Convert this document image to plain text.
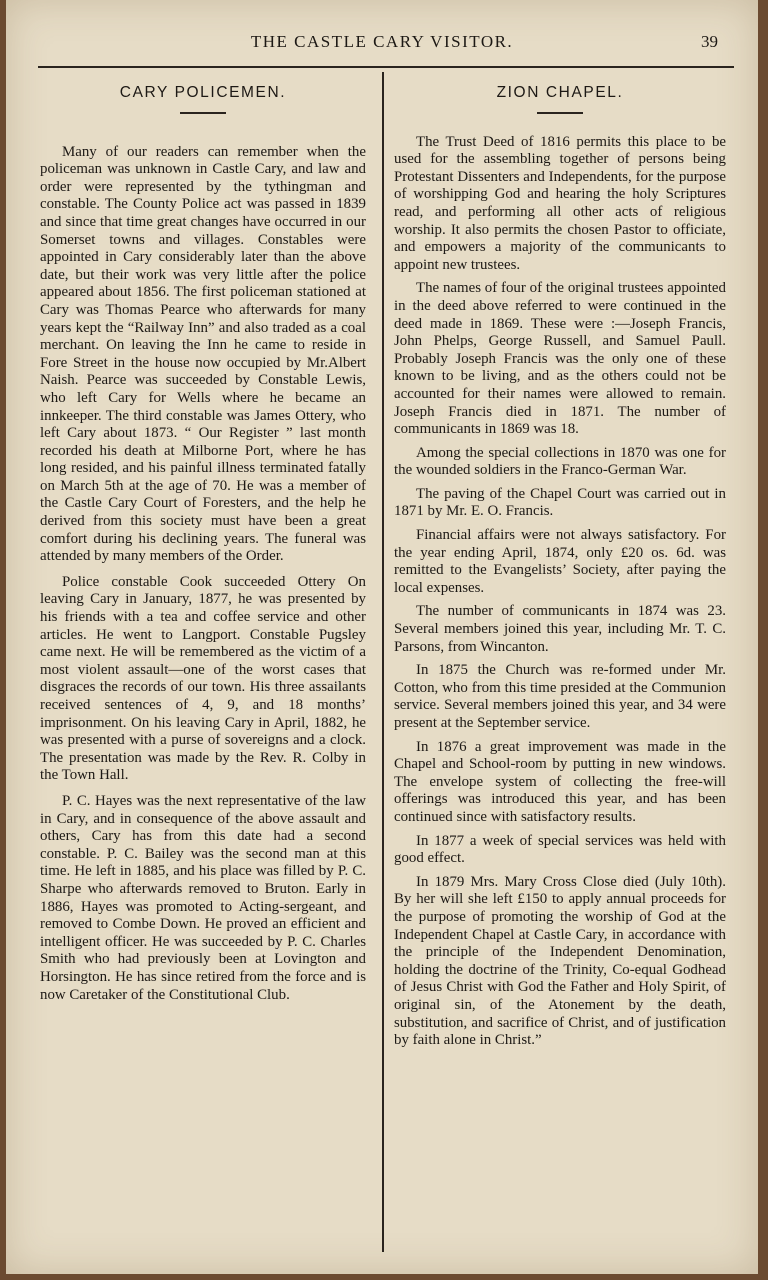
THE CASTLE CARY VISITOR.	39
CARY POLICEMEN.

Many of our readers can remember when the policeman was unknown in Castle Cary, and law and order were represented by the tythingman and constable. The County Police act was passed in 1839 and since that time great changes have occurred in our Somerset towns and villages. Constables were appointed in Cary considerably later than the above date, but their work was very little after the police appeared about 1856. The first policeman stationed at Cary was Thomas Pearce who afterwards for many years kept the “Railway Inn” and also traded as a coal merchant. On leaving the Inn he came to reside in Fore Street in the house now occupied by Mr.Albert Naish. Pearce was succeeded by Constable Lewis, who left Cary for Wells where he became an innkeeper. The third constable was James Ottery, who left Cary about 1873. “ Our Register ” last month recorded his death at Milborne Port, where he has long resided, and his painful illness terminated fatally on March 5th at the age of 70. He was a member of the Castle Cary Court of Foresters, and the help he derived from this society must have been a great comfort during his declining years. The funeral was attended by many members of the Order.

Police constable Cook succeeded Ottery On leaving Cary in January, 1877, he was presented by his friends with a tea and coffee service and other articles. He went to Langport. Constable Pugsley came next. He will be remembered as the victim of a most violent assault—one of the worst cases that disgraces the records of our town. His three assailants received sentences of 4, 9, and 18 months’ imprisonment. On his leaving Cary in April, 1882, he was presented with a purse of sovereigns and a clock. The presentation was made by the Rev. R. Colby in the Town Hall.

P. C. Hayes was the next representative of the law in Cary, and in consequence of the above assault and others, Cary has from this date had a second constable. P. C. Bailey was the second man at this time. He left in 1885, and his place was filled by P. C. Sharpe who afterwards removed to Bruton. Early in 1886, Hayes was promoted to Acting-sergeant, and removed to Combe Down. He proved an efficient and intelligent officer. He was succeeded by P. C. Charles Smith who had previously been at Lovington and Horsington. He has since retired from the force and is now Caretaker of the Constitutional Club.

ZION CHAPEL.

The Trust Deed of 1816 permits this place to be used for the assembling together of persons being Protestant Dissenters and Independents, for the purpose of worshipping God and hearing the holy Scriptures read, and performing all other acts of religious worship. It also permits the chosen Pastor to officiate, and empowers a majority of the communicants to appoint new trustees.

The names of four of the original trustees appointed in the deed above referred to were continued in the deed made in 1869. These were :—Joseph Francis, John Phelps, George Russell, and Samuel Paull. Probably Joseph Francis was the only one of these known to be living, and as the others could not be accounted for their names were allowed to remain. Joseph Francis died in 1871. The number of communicants in 1869 was 18.

Among the special collections in 1870 was one for the wounded soldiers in the Franco-German War.

The paving of the Chapel Court was carried out in 1871 by Mr. E. O. Francis.

Financial affairs were not always satisfactory. For the year ending April, 1874, only £20 os. 6d. was remitted to the Evangelists’ Society, after paying the local expenses.

The number of communicants in 1874 was 23. Several members joined this year, including Mr. T. C. Parsons, from Wincanton.

In 1875 the Church was re-formed under Mr. Cotton, who from this time presided at the Communion service. Several members joined this year, and 34 were present at the September service.

In 1876 a great improvement was made in the Chapel and School-room by putting in new windows. The envelope system of collecting the free-will offerings was introduced this year, and has been continued since with satisfactory results.

In 1877 a week of special services was held with good effect.

In 1879 Mrs. Mary Cross Close died (July 10th). By her will she left £150 to apply annual proceeds for the purpose of promoting the worship of God at the Independent Chapel at Castle Cary, in accordance with the principle of the Independent Denomination, holding the doctrine of the Trinity, Co-equal Godhead of Jesus Christ with God the Father and Holy Spirit, of original sin, of the Atonement by the death, substitution, and sacrifice of Christ, and of justification by faith alone in Christ.”
